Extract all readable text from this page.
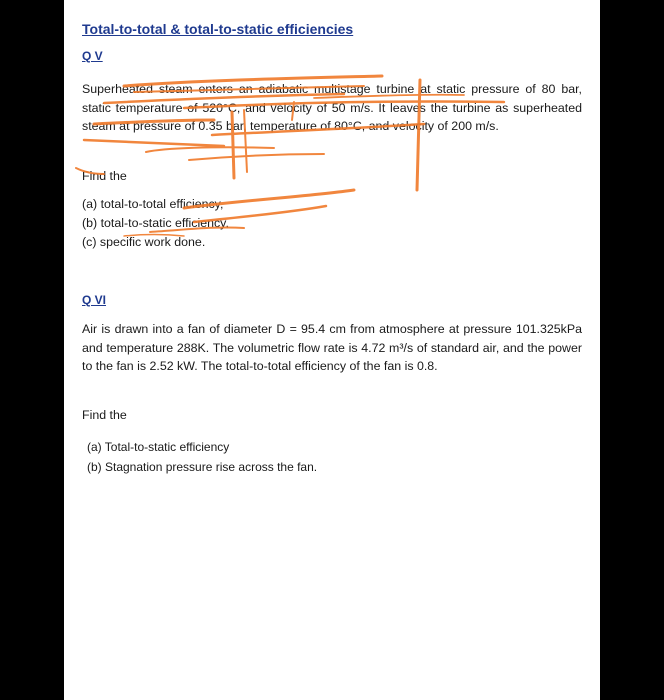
Total-to-total & total-to-static efficiencies
Q V

Superheated steam enters an adiabatic multistage turbine at static pressure of 80 bar, static temperature of 520°C, and velocity of 50 m/s. It leaves the turbine as superheated steam at pressure of 0.35 bar, temperature of 80°C, and velocity of 200 m/s.

Find the
(a) total-to-total efficiency,
(b) total-to-static efficiency,
(c) specific work done.
Q VI

Air is drawn into a fan of diameter D = 95.4 cm from atmosphere at pressure 101.325kPa and temperature 288K. The volumetric flow rate is 4.72 m³/s of standard air, and the power to the fan is 2.52 kW. The total-to-total efficiency of the fan is 0.8.

Find the
(a) Total-to-static efficiency
(b) Stagnation pressure rise across the fan.
